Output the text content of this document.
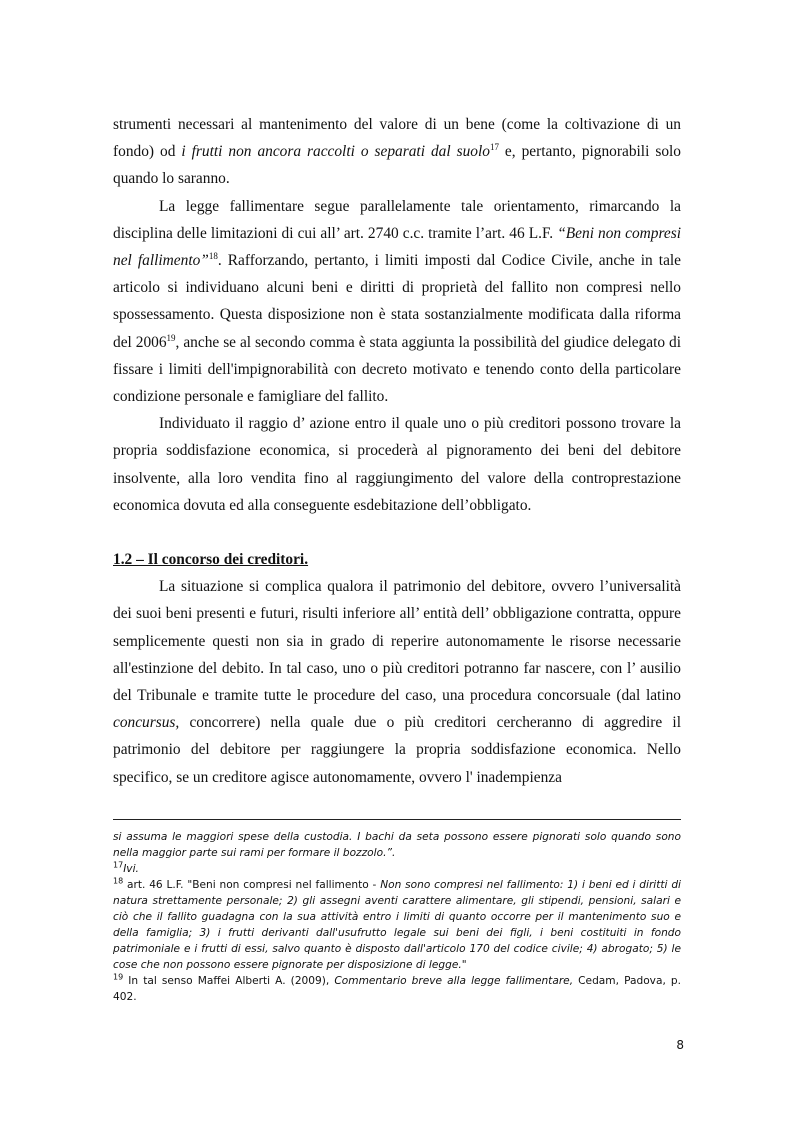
strumenti necessari al mantenimento del valore di un bene (come la coltivazione di un fondo) od i frutti non ancora raccolti o separati dal suolo$^{17}$ e, pertanto, pignorabili solo quando lo saranno.

La legge fallimentare segue parallelamente tale orientamento, rimarcando la disciplina delle limitazioni di cui all’ art. 2740 c.c. tramite l’art. 46 L.F. “Beni non compresi nel fallimento”$^{18}$. Rafforzando, pertanto, i limiti imposti dal Codice Civile, anche in tale articolo si individuano alcuni beni e diritti di proprietà del fallito non compresi nello spossessamento. Questa disposizione non è stata sostanzialmente modificata dalla riforma del 2006$^{19}$, anche se al secondo comma è stata aggiunta la possibilità del giudice delegato di fissare i limiti dell'impignorabilità con decreto motivato e tenendo conto della particolare condizione personale e famigliare del fallito.

Individuato il raggio d’ azione entro il quale uno o più creditori possono trovare la propria soddisfazione economica, si procederà al pignoramento dei beni del debitore insolvente, alla loro vendita fino al raggiungimento del valore della controprestazione economica dovuta ed alla conseguente esdebitazione dell’obbligato.

1.2 – Il concorso dei creditori.

La situazione si complica qualora il patrimonio del debitore, ovvero l’universalità dei suoi beni presenti e futuri, risulti inferiore all’ entità dell’ obbligazione contratta, oppure semplicemente questi non sia in grado di reperire autonomamente le risorse necessarie all'estinzione del debito. In tal caso, uno o più creditori potranno far nascere, con l’ ausilio del Tribunale e tramite tutte le procedure del caso, una procedura concorsuale (dal latino concursus, concorrere) nella quale due o più creditori cercheranno di aggredire il patrimonio del debitore per raggiungere la propria soddisfazione economica. Nello specifico, se un creditore agisce autonomamente, ovvero l' inadempienza

si assuma le maggiori spese della custodia. I bachi da seta possono essere pignorati solo quando sono nella maggior parte sui rami per formare il bozzolo.”.

$^{17}$Ivi.

$^{18}$ art. 46 L.F. "Beni non compresi nel fallimento - Non sono compresi nel fallimento: 1) i beni ed i diritti di natura strettamente personale; 2) gli assegni aventi carattere alimentare, gli stipendi, pensioni, salari e ciò che il fallito guadagna con la sua attività entro i limiti di quanto occorre per il mantenimento suo e della famiglia; 3) i frutti derivanti dall'usufrutto legale sui beni dei figli, i beni costituiti in fondo patrimoniale e i frutti di essi, salvo quanto è disposto dall'articolo 170 del codice civile; 4) abrogato; 5) le cose che non possono essere pignorate per disposizione di legge."

$^{19}$ In tal senso Maffei Alberti A. (2009), Commentario breve alla legge fallimentare, Cedam, Padova, p. 402.

8
